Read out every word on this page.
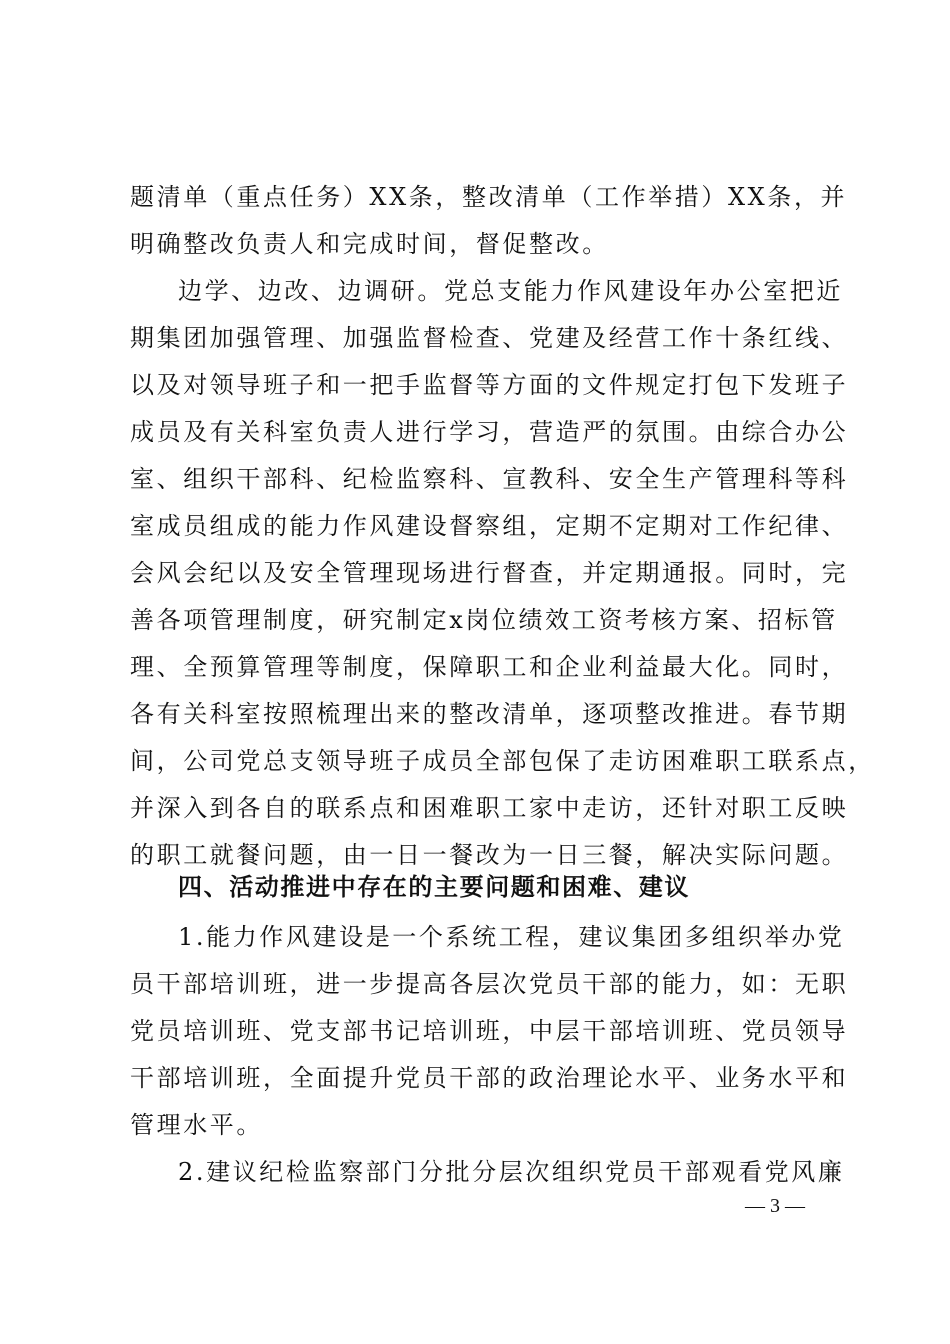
题清单（重点任务）XX条，整改清单（工作举措）XX条，并
明确整改负责人和完成时间，督促整改。
边学、边改、边调研。党总支能力作风建设年办公室把近
期集团加强管理、加强监督检查、党建及经营工作十条红线、
以及对领导班子和一把手监督等方面的文件规定打包下发班子
成员及有关科室负责人进行学习，营造严的氛围。由综合办公
室、组织干部科、纪检监察科、宣教科、安全生产管理科等科
室成员组成的能力作风建设督察组，定期不定期对工作纪律、
会风会纪以及安全管理现场进行督查，并定期通报。同时，完
善各项管理制度，研究制定x岗位绩效工资考核方案、招标管
理、全预算管理等制度，保障职工和企业利益最大化。同时，
各有关科室按照梳理出来的整改清单，逐项整改推进。春节期
间，公司党总支领导班子成员全部包保了走访困难职工联系点，
并深入到各自的联系点和困难职工家中走访，还针对职工反映
的职工就餐问题，由一日一餐改为一日三餐，解决实际问题。
四、活动推进中存在的主要问题和困难、建议
1.能力作风建设是一个系统工程，建议集团多组织举办党
员干部培训班，进一步提高各层次党员干部的能力，如：无职
党员培训班、党支部书记培训班，中层干部培训班、党员领导
干部培训班，全面提升党员干部的政治理论水平、业务水平和
管理水平。
2.建议纪检监察部门分批分层次组织党员干部观看党风廉
— 3 —
